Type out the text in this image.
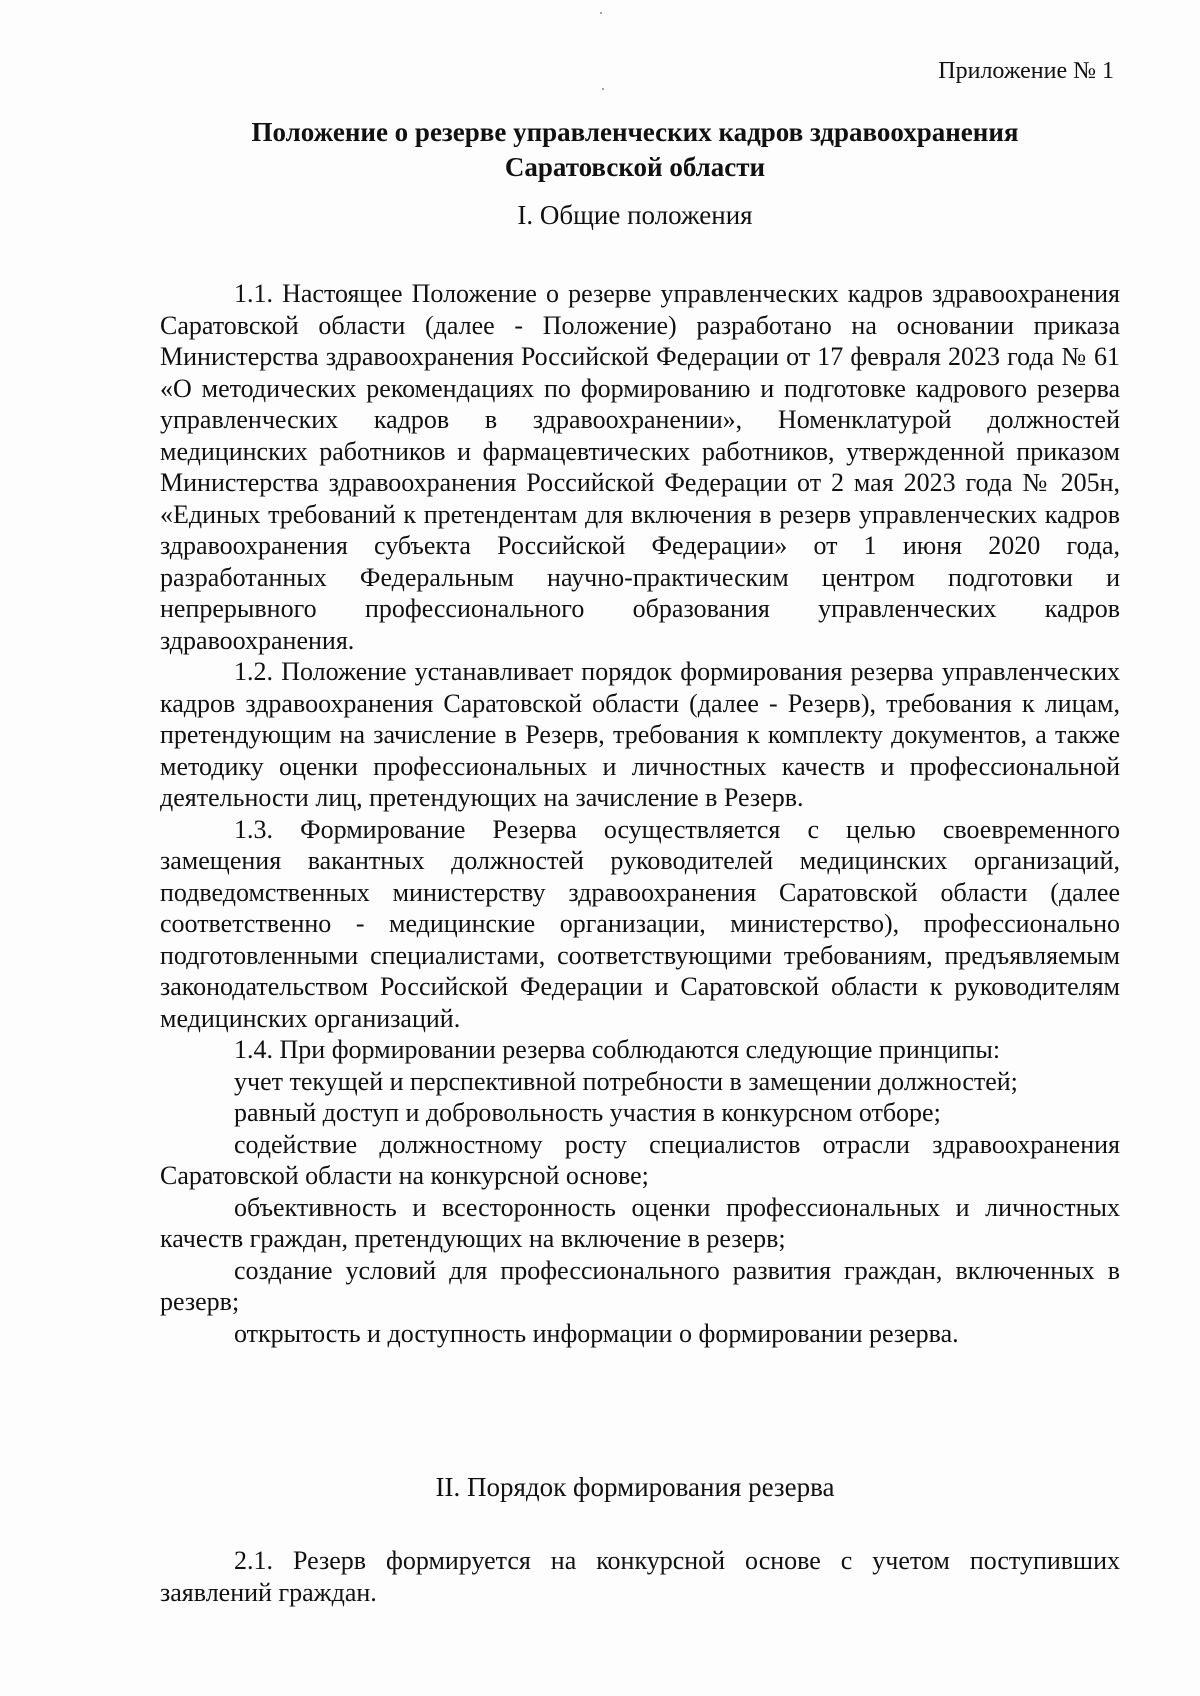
Приложение № 1
Положение о резерве управленческих кадров здравоохранения
Саратовской области
I. Общие положения

1.1. Настоящее Положение о резерве управленческих кадров здравоохранения Саратовской области (далее - Положение) разработано на основании приказа Министерства здравоохранения Российской Федерации от 17 февраля 2023 года № 61 «О методических рекомендациях по формированию и подготовке кадрового резерва управленческих кадров в здравоохранении», Номенклатурой должностей медицинских работников и фармацевтических работников, утвержденной приказом Министерства здравоохранения Российской Федерации от 2 мая 2023 года № 205н, «Единых требований к претендентам для включения в резерв управленческих кадров здравоохранения субъекта Российской Федерации» от 1 июня 2020 года, разработанных Федеральным научно-практическим центром подготовки и непрерывного профессионального образования управленческих кадров здравоохранения.

1.2. Положение устанавливает порядок формирования резерва управленческих кадров здравоохранения Саратовской области (далее - Резерв), требования к лицам, претендующим на зачисление в Резерв, требования к комплекту документов, а также методику оценки профессиональных и личностных качеств и профессиональной деятельности лиц, претендующих на зачисление в Резерв.

1.3. Формирование Резерва осуществляется с целью своевременного замещения вакантных должностей руководителей медицинских организаций, подведомственных министерству здравоохранения Саратовской области (далее соответственно - медицинские организации, министерство), профессионально подготовленными специалистами, соответствующими требованиям, предъявляемым законодательством Российской Федерации и Саратовской области к руководителям медицинских организаций.

1.4. При формировании резерва соблюдаются следующие принципы:

учет текущей и перспективной потребности в замещении должностей;

равный доступ и добровольность участия в конкурсном отборе;

содействие должностному росту специалистов отрасли здравоохранения Саратовской области на конкурсной основе;

объективность и всесторонность оценки профессиональных и личностных качеств граждан, претендующих на включение в резерв;

создание условий для профессионального развития граждан, включенных в резерв;

открытость и доступность информации о формировании резерва.

II. Порядок формирования резерва

2.1. Резерв формируется на конкурсной основе с учетом поступивших заявлений граждан.
